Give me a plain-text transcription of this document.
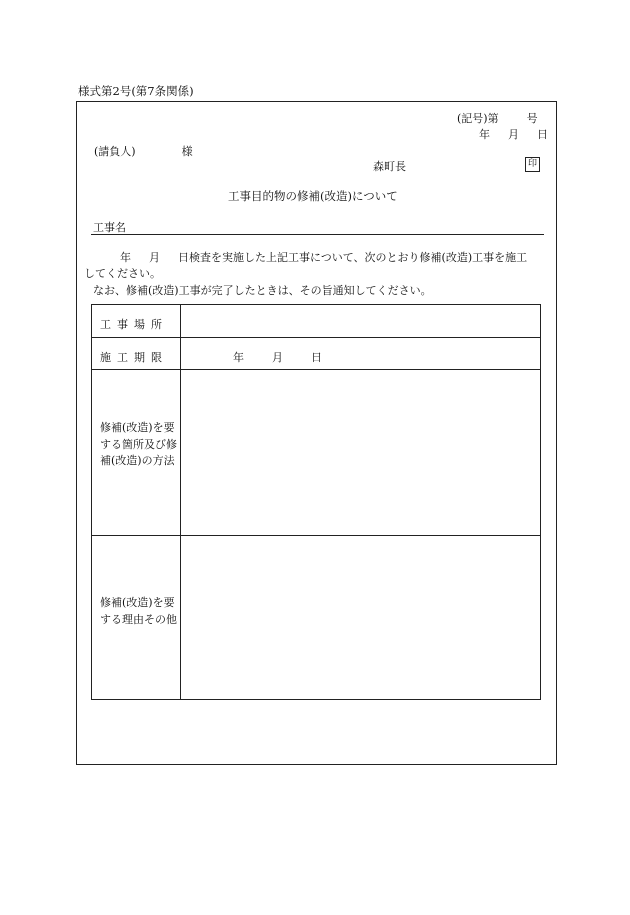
様式第2号(第7条関係)
(記号)第	号
年 月 日
(請負人)	様
森町長	印
工事目的物の修補(改造)について
工事名
年 月 日検査を実施した上記工事について、次のとおり修補(改造)工事を施工
してください。
なお、修補(改造)工事が完了したときは、その旨通知してください。
工事場所
施工期限	年	月	日
修補(改造)を要する箇所及び修補(改造)の方法
修補(改造)を要する理由その他
